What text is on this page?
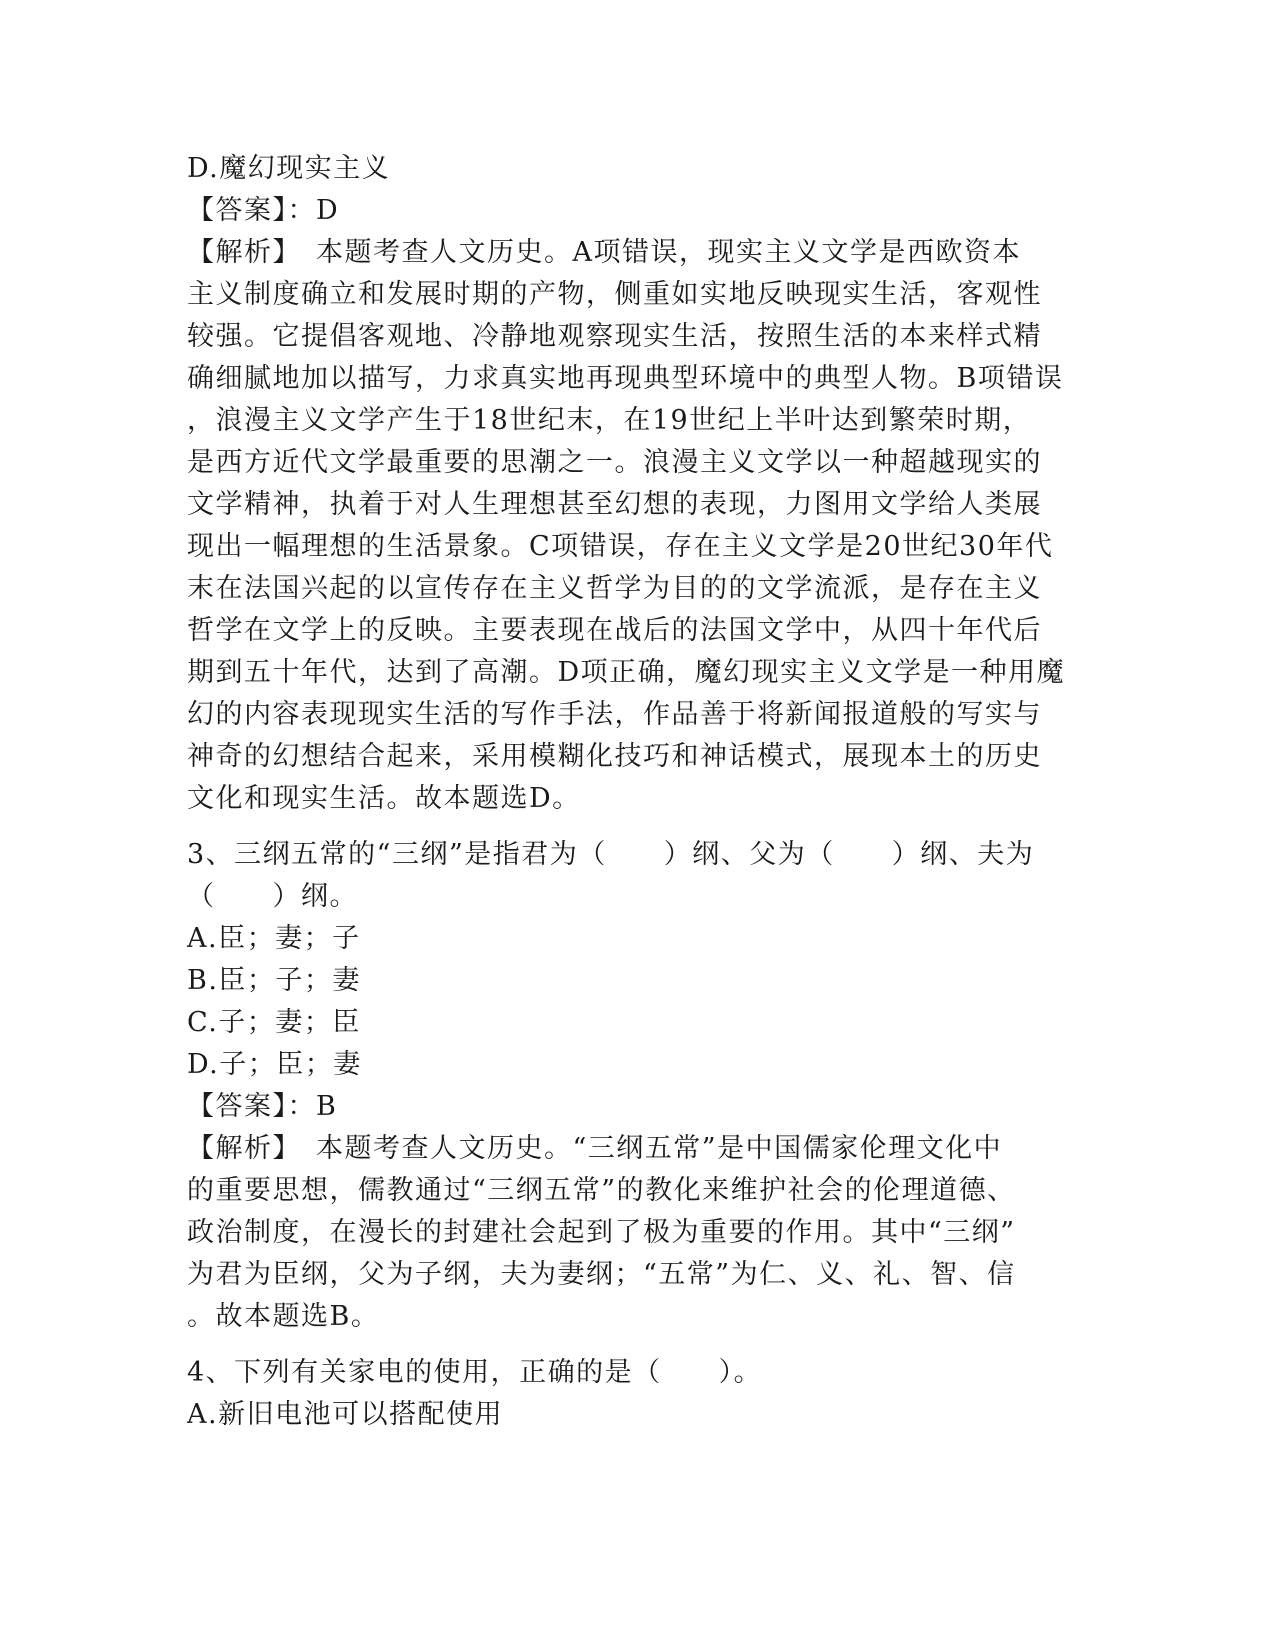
D.魔幻现实主义
【答案】：D
【解析】　本题考查人文历史。A项错误，现实主义文学是西欧资本
主义制度确立和发展时期的产物，侧重如实地反映现实生活，客观性
较强。它提倡客观地、冷静地观察现实生活，按照生活的本来样式精
确细腻地加以描写，力求真实地再现典型环境中的典型人物。B项错误
，浪漫主义文学产生于18世纪末，在19世纪上半叶达到繁荣时期，
是西方近代文学最重要的思潮之一。浪漫主义文学以一种超越现实的
文学精神，执着于对人生理想甚至幻想的表现，力图用文学给人类展
现出一幅理想的生活景象。C项错误，存在主义文学是20世纪30年代
末在法国兴起的以宣传存在主义哲学为目的的文学流派，是存在主义
哲学在文学上的反映。主要表现在战后的法国文学中，从四十年代后
期到五十年代，达到了高潮。D项正确，魔幻现实主义文学是一种用魔
幻的内容表现现实生活的写作手法，作品善于将新闻报道般的写实与
神奇的幻想结合起来，采用模糊化技巧和神话模式，展现本土的历史
文化和现实生活。故本题选D。
3、三纲五常的“三纲”是指君为（　　）纲、父为（　　）纲、夫为
（　　）纲。
A.臣；妻；子
B.臣；子；妻
C.子；妻；臣
D.子；臣；妻
【答案】：B
【解析】　本题考查人文历史。“三纲五常”是中国儒家伦理文化中
的重要思想，儒教通过“三纲五常”的教化来维护社会的伦理道德、
政治制度，在漫长的封建社会起到了极为重要的作用。其中“三纲”
为君为臣纲，父为子纲，夫为妻纲；“五常”为仁、义、礼、智、信
。故本题选B。
4、下列有关家电的使用，正确的是（　　）。
A.新旧电池可以搭配使用
